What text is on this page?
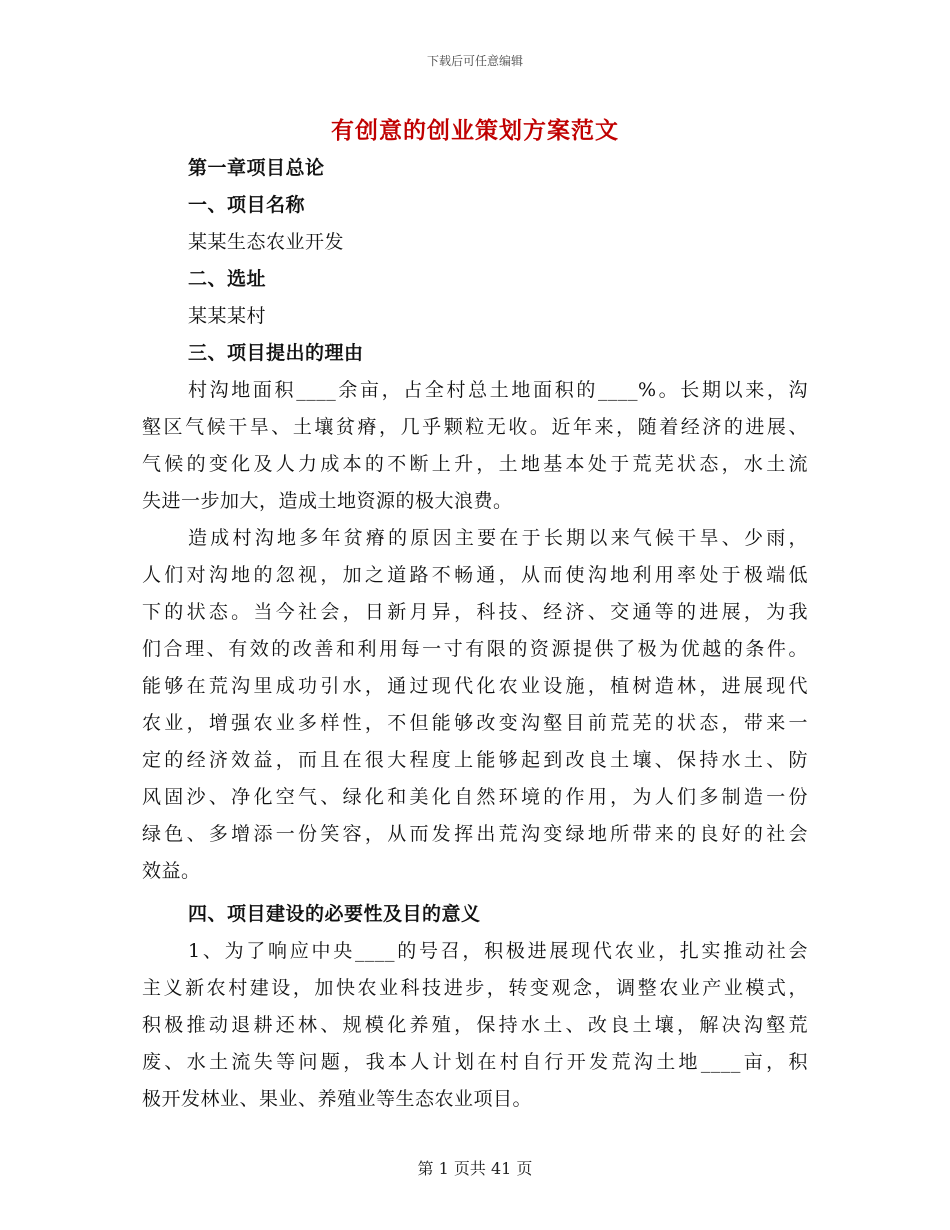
下载后可任意编辑
有创意的创业策划方案范文
第一章项目总论
一、项目名称
某某生态农业开发
二、选址
某某某村
三、项目提出的理由
村沟地面积____余亩，占全村总土地面积的____%。长期以来，沟
壑区气候干旱、土壤贫瘠，几乎颗粒无收。近年来，随着经济的进展、
气候的变化及人力成本的不断上升，土地基本处于荒芜状态，水土流
失进一步加大，造成土地资源的极大浪费。
造成村沟地多年贫瘠的原因主要在于长期以来气候干旱、少雨，
人们对沟地的忽视，加之道路不畅通，从而使沟地利用率处于极端低
下的状态。当今社会，日新月异，科技、经济、交通等的进展，为我
们合理、有效的改善和利用每一寸有限的资源提供了极为优越的条件。
能够在荒沟里成功引水，通过现代化农业设施，植树造林，进展现代
农业，增强农业多样性，不但能够改变沟壑目前荒芜的状态，带来一
定的经济效益，而且在很大程度上能够起到改良土壤、保持水土、防
风固沙、净化空气、绿化和美化自然环境的作用，为人们多制造一份
绿色、多增添一份笑容，从而发挥出荒沟变绿地所带来的良好的社会
效益。
四、项目建设的必要性及目的意义
1、为了响应中央____的号召，积极进展现代农业，扎实推动社会
主义新农村建设，加快农业科技进步，转变观念，调整农业产业模式，
积极推动退耕还林、规模化养殖，保持水土、改良土壤，解决沟壑荒
废、水土流失等问题，我本人计划在村自行开发荒沟土地____亩，积
极开发林业、果业、养殖业等生态农业项目。
第 1 页共 41 页
